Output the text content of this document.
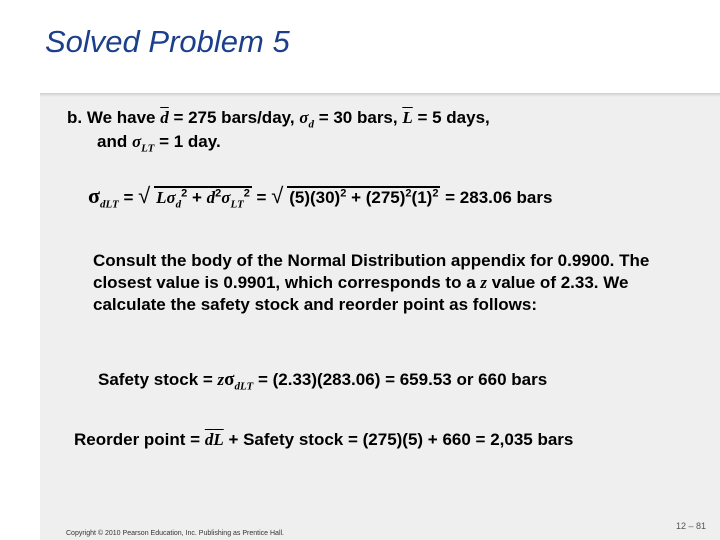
Solved Problem 5
b. We have $\overline{d} = 275$ bars/day, $\sigma_d = 30$ bars, $\overline{L} = 5$ days,
and $\sigma_{LT} = 1$ day.
$\sigma_{dLT}$ = √ $L\sigma_d^2 + \overline{d}^2\sigma_{LT}^2$ = √ $(5)(30)^2 + (275)^2(1)^2 = 283.06$ bars
Consult the body of the Normal Distribution appendix for 0.9900. The closest value is 0.9901, which corresponds to a z value of 2.33. We calculate the safety stock and reorder point as follows:
Safety stock = $z\sigma_{dLT} = (2.33)(283.06) = 659.53$ or 660 bars
Reorder point = $\overline{d}\overline{L}$ + Safety stock = (275)(5) + 660 = 2,035 bars
Copyright © 2010 Pearson Education, Inc. Publishing as Prentice Hall.
12 – 81
